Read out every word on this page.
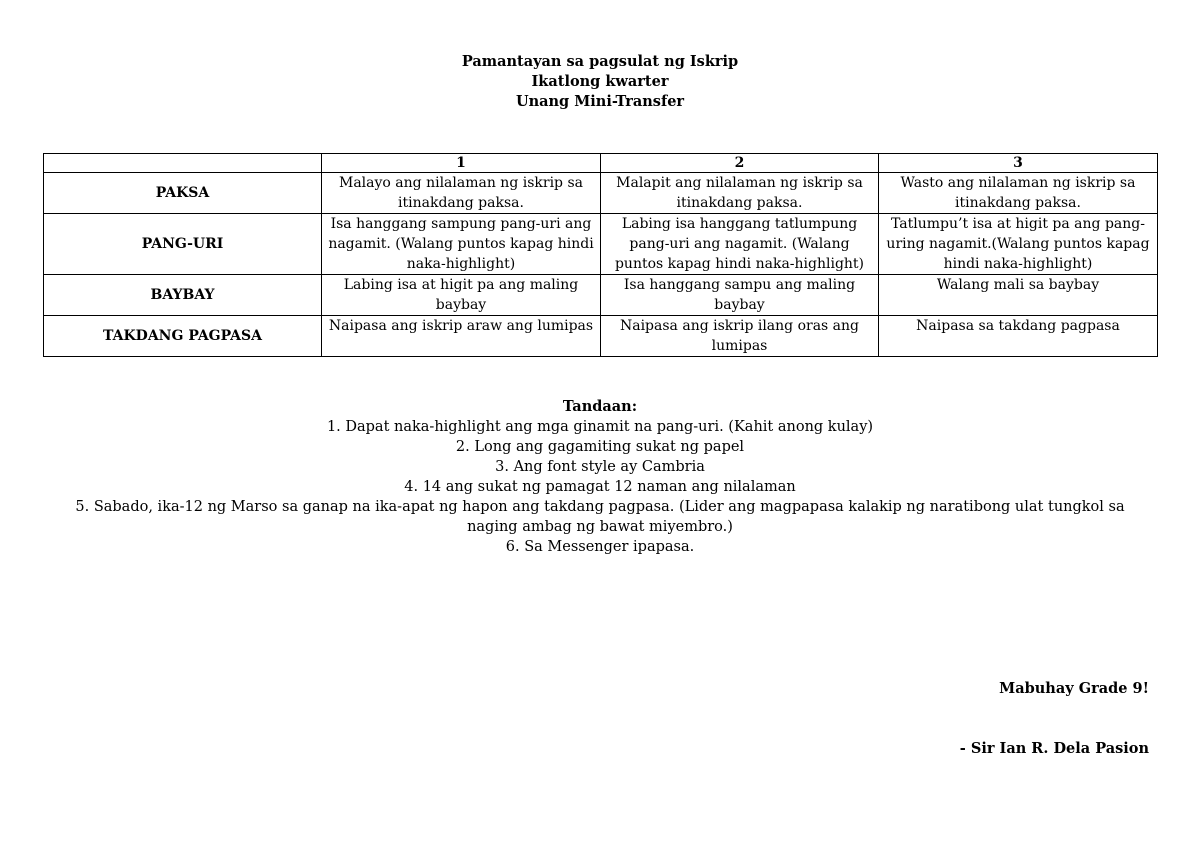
Pamantayan sa pagsulat ng Iskrip
Ikatlong kwarter
Unang Mini-Transfer
	1	2	3
PAKSA	Malayo ang nilalaman ng iskrip sa itinakdang paksa.	Malapit ang nilalaman ng iskrip sa itinakdang paksa.	Wasto ang nilalaman ng iskrip sa itinakdang paksa.
PANG-URI	Isa hanggang sampung pang-uri ang nagamit. (Walang puntos kapag hindi naka-highlight)	Labing isa hanggang tatlumpung pang-uri ang nagamit. (Walang puntos kapag hindi naka-highlight)	Tatlumpu’t isa at higit pa ang pang-uring nagamit.(Walang puntos kapag hindi naka-highlight)
BAYBAY	Labing isa at higit pa ang maling baybay	Isa hanggang sampu ang maling baybay	Walang mali sa baybay
TAKDANG PAGPASA	Naipasa ang iskrip araw ang lumipas	Naipasa ang iskrip ilang oras ang lumipas	Naipasa sa takdang pagpasa
Tandaan:
1. Dapat naka-highlight ang mga ginamit na pang-uri. (Kahit anong kulay)
2. Long ang gagamiting sukat ng papel
3. Ang font style ay Cambria
4. 14 ang sukat ng pamagat 12 naman ang nilalaman
5. Sabado, ika-12 ng Marso sa ganap na ika-apat ng hapon ang takdang pagpasa. (Lider ang magpapasa kalakip ng naratibong ulat tungkol sa naging ambag ng bawat miyembro.)
6. Sa Messenger ipapasa.
Mabuhay Grade 9!
- Sir Ian R. Dela Pasion
